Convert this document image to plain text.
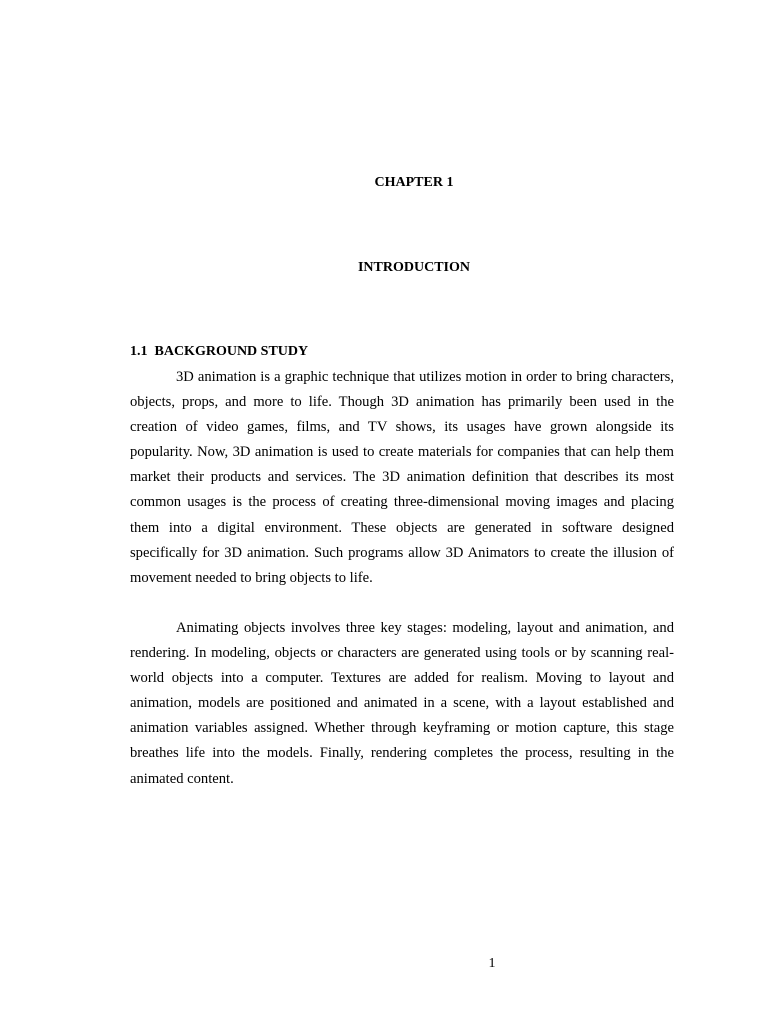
CHAPTER 1
INTRODUCTION
1.1  BACKGROUND STUDY

3D animation is a graphic technique that utilizes motion in order to bring characters, objects, props, and more to life. Though 3D animation has primarily been used in the creation of video games, films, and TV shows, its usages have grown alongside its popularity. Now, 3D animation is used to create materials for companies that can help them market their products and services. The 3D animation definition that describes its most common usages is the process of creating three-dimensional moving images and placing them into a digital environment. These objects are generated in software designed specifically for 3D animation. Such programs allow 3D Animators to create the illusion of movement needed to bring objects to life.

Animating objects involves three key stages: modeling, layout and animation, and rendering. In modeling, objects or characters are generated using tools or by scanning real-world objects into a computer. Textures are added for realism. Moving to layout and animation, models are positioned and animated in a scene, with a layout established and animation variables assigned. Whether through keyframing or motion capture, this stage breathes life into the models. Finally, rendering completes the process, resulting in the animated content.

1
